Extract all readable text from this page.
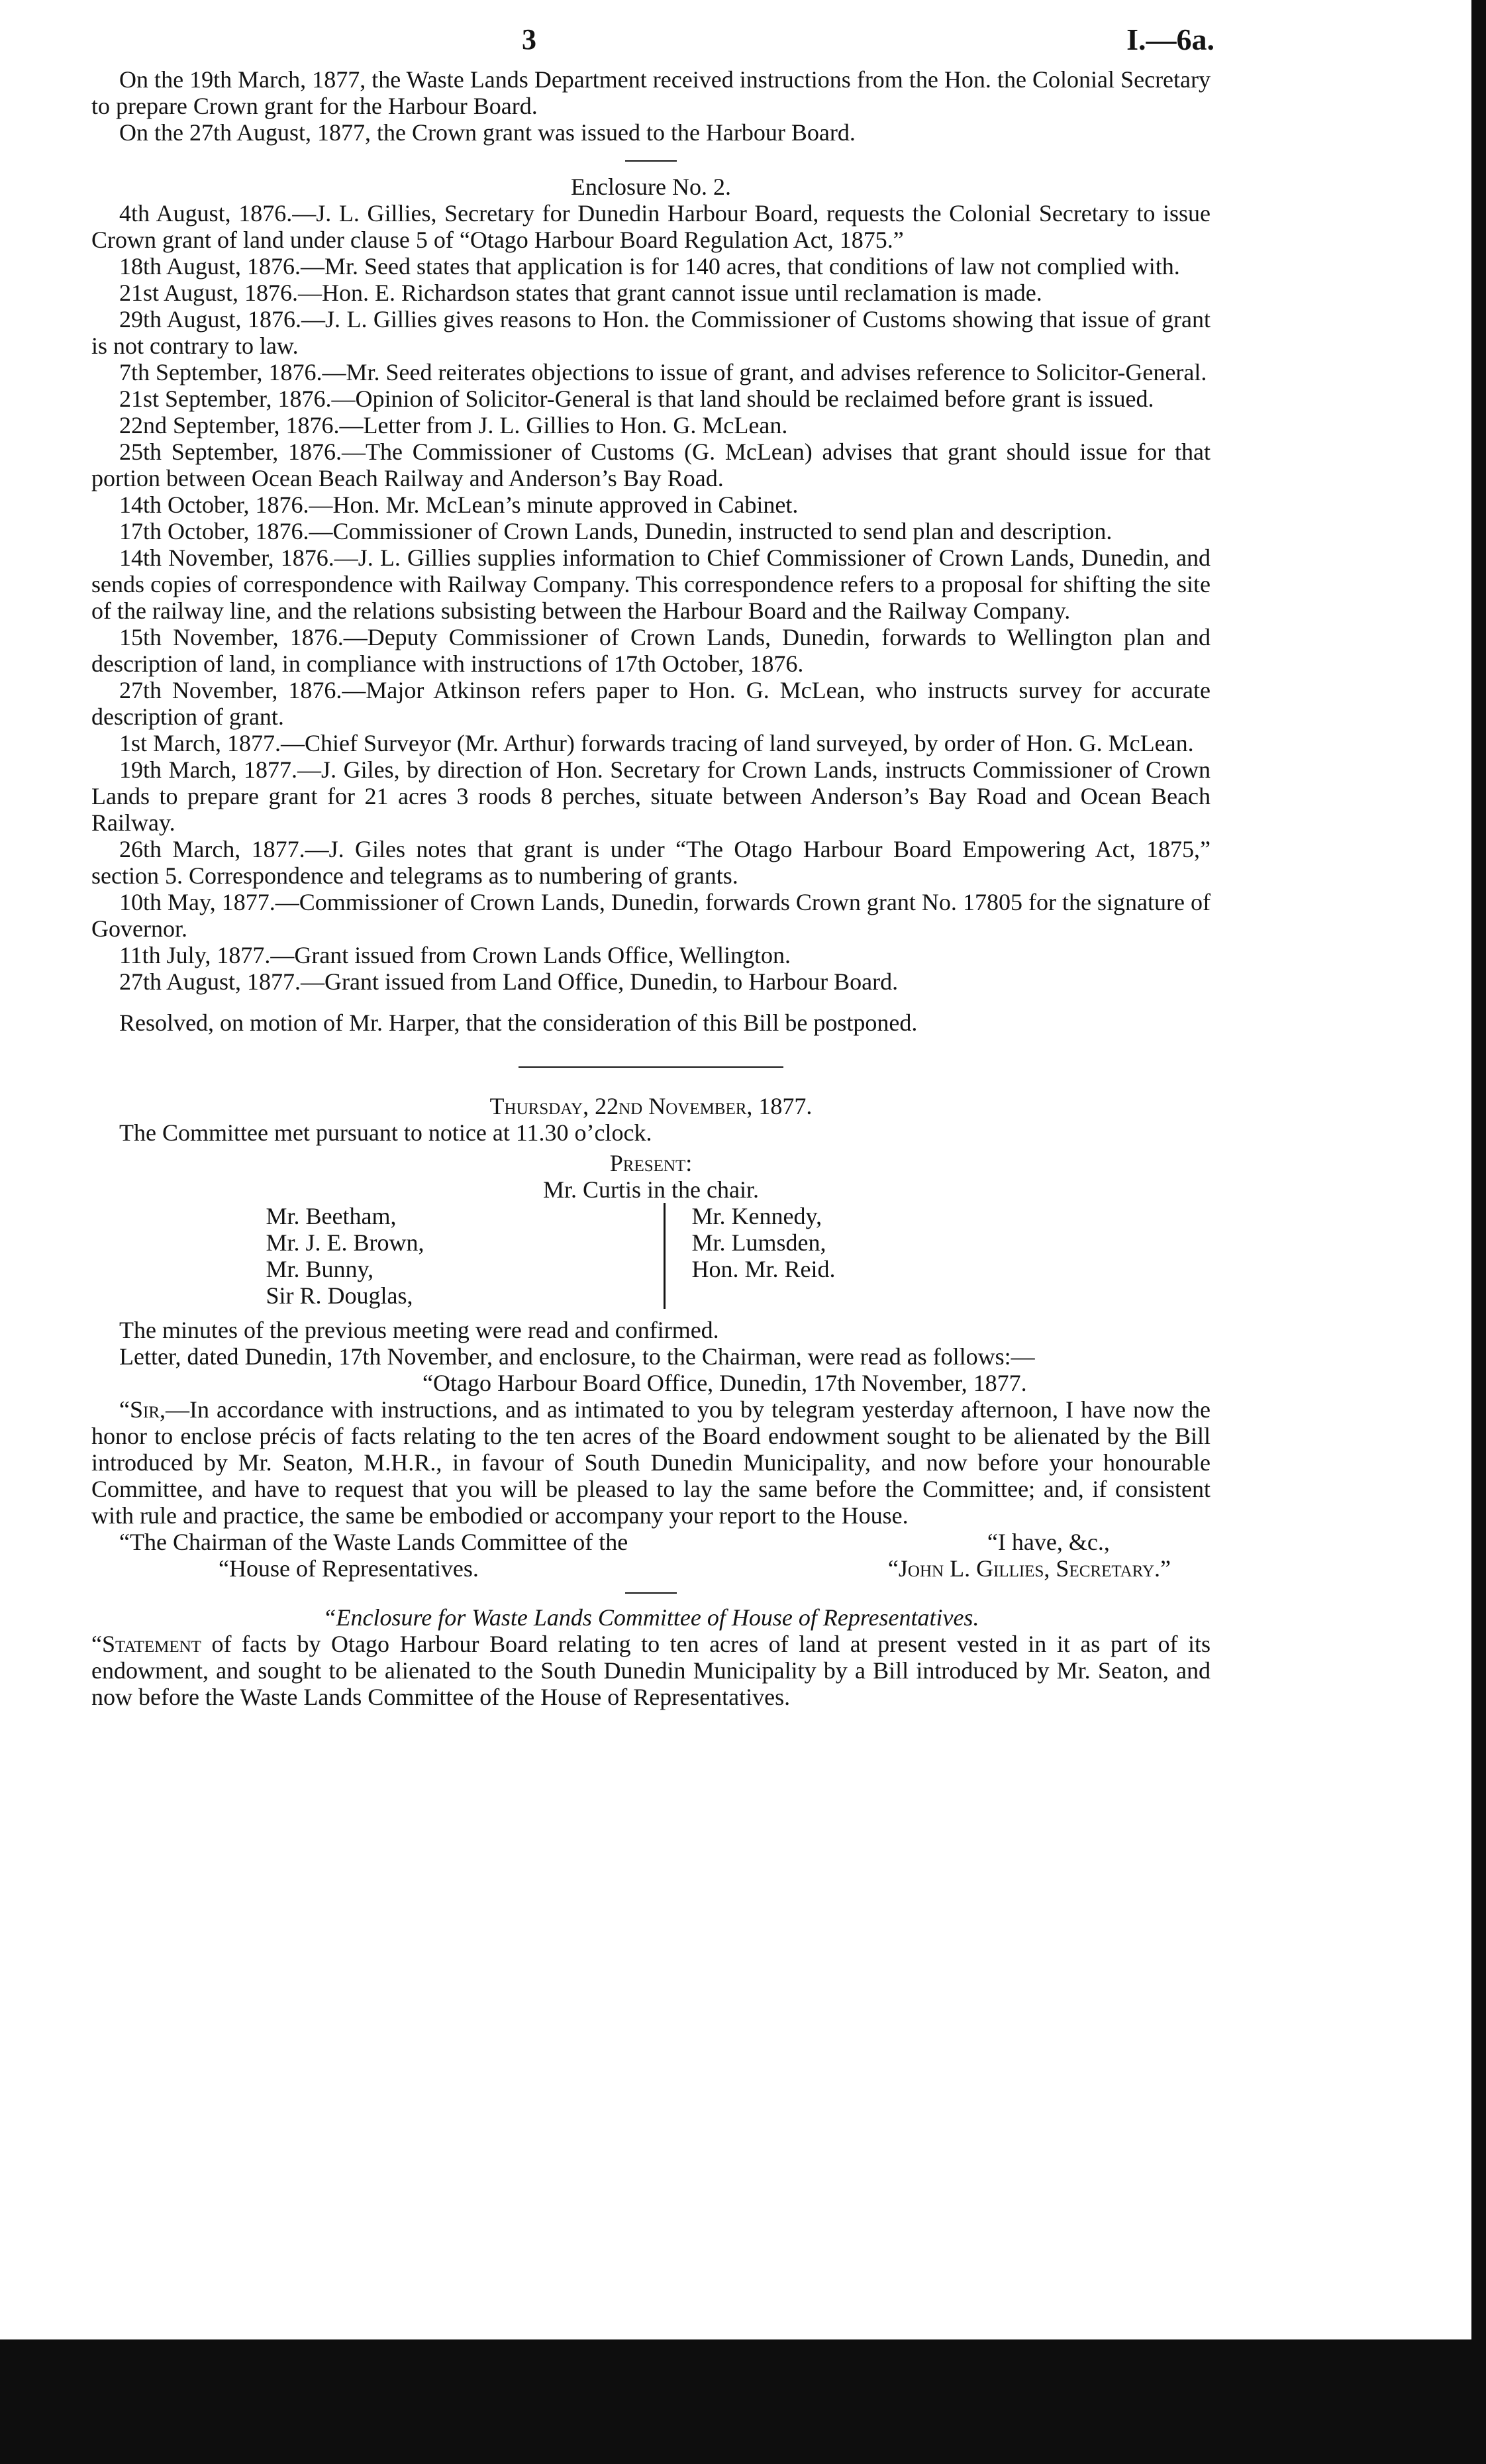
3	I.—6a.

On the 19th March, 1877, the Waste Lands Department received instructions from the Hon. the Colonial Secretary to prepare Crown grant for the Harbour Board.

On the 27th August, 1877, the Crown grant was issued to the Harbour Board.

Enclosure No. 2.

4th August, 1876.—J. L. Gillies, Secretary for Dunedin Harbour Board, requests the Colonial Secretary to issue Crown grant of land under clause 5 of “Otago Harbour Board Regulation Act, 1875.”

18th August, 1876.—Mr. Seed states that application is for 140 acres, that conditions of law not complied with.

21st August, 1876.—Hon. E. Richardson states that grant cannot issue until reclamation is made.

29th August, 1876.—J. L. Gillies gives reasons to Hon. the Commissioner of Customs showing that issue of grant is not contrary to law.

7th September, 1876.—Mr. Seed reiterates objections to issue of grant, and advises reference to Solicitor-General.

21st September, 1876.—Opinion of Solicitor-General is that land should be reclaimed before grant is issued.

22nd September, 1876.—Letter from J. L. Gillies to Hon. G. McLean.

25th September, 1876.—The Commissioner of Customs (G. McLean) advises that grant should issue for that portion between Ocean Beach Railway and Anderson’s Bay Road.

14th October, 1876.—Hon. Mr. McLean’s minute approved in Cabinet.

17th October, 1876.—Commissioner of Crown Lands, Dunedin, instructed to send plan and description.

14th November, 1876.—J. L. Gillies supplies information to Chief Commissioner of Crown Lands, Dunedin, and sends copies of correspondence with Railway Company. This correspondence refers to a proposal for shifting the site of the railway line, and the relations subsisting between the Harbour Board and the Railway Company.

15th November, 1876.—Deputy Commissioner of Crown Lands, Dunedin, forwards to Wellington plan and description of land, in compliance with instructions of 17th October, 1876.

27th November, 1876.—Major Atkinson refers paper to Hon. G. McLean, who instructs survey for accurate description of grant.

1st March, 1877.—Chief Surveyor (Mr. Arthur) forwards tracing of land surveyed, by order of Hon. G. McLean.

19th March, 1877.—J. Giles, by direction of Hon. Secretary for Crown Lands, instructs Commissioner of Crown Lands to prepare grant for 21 acres 3 roods 8 perches, situate between Anderson’s Bay Road and Ocean Beach Railway.

26th March, 1877.—J. Giles notes that grant is under “The Otago Harbour Board Empowering Act, 1875,” section 5. Correspondence and telegrams as to numbering of grants.

10th May, 1877.—Commissioner of Crown Lands, Dunedin, forwards Crown grant No. 17805 for the signature of Governor.

11th July, 1877.—Grant issued from Crown Lands Office, Wellington.

27th August, 1877.—Grant issued from Land Office, Dunedin, to Harbour Board.

Resolved, on motion of Mr. Harper, that the consideration of this Bill be postponed.

Thursday, 22nd November, 1877.

The Committee met pursuant to notice at 11.30 o’clock.

Present:

Mr. Curtis in the chair.

Mr. Beetham,
Mr. J. E. Brown,
Mr. Bunny,
Sir R. Douglas,
Mr. Kennedy,
Mr. Lumsden,
Hon. Mr. Reid.

The minutes of the previous meeting were read and confirmed.

Letter, dated Dunedin, 17th November, and enclosure, to the Chairman, were read as follows:—

“Otago Harbour Board Office, Dunedin, 17th November, 1877.

“Sir,—In accordance with instructions, and as intimated to you by telegram yesterday afternoon, I have now the honor to enclose précis of facts relating to the ten acres of the Board endowment sought to be alienated by the Bill introduced by Mr. Seaton, M.H.R., in favour of South Dunedin Municipality, and now before your honourable Committee, and have to request that you will be pleased to lay the same before the Committee; and, if consistent with rule and practice, the same be embodied or accompany your report to the House.

“The Chairman of the Waste Lands Committee of the
“House of Representatives.
“I have, &c.,
“John L. Gillies, Secretary.”

“Enclosure for Waste Lands Committee of House of Representatives.

“Statement of facts by Otago Harbour Board relating to ten acres of land at present vested in it as part of its endowment, and sought to be alienated to the South Dunedin Municipality by a Bill introduced by Mr. Seaton, and now before the Waste Lands Committee of the House of Representatives.
